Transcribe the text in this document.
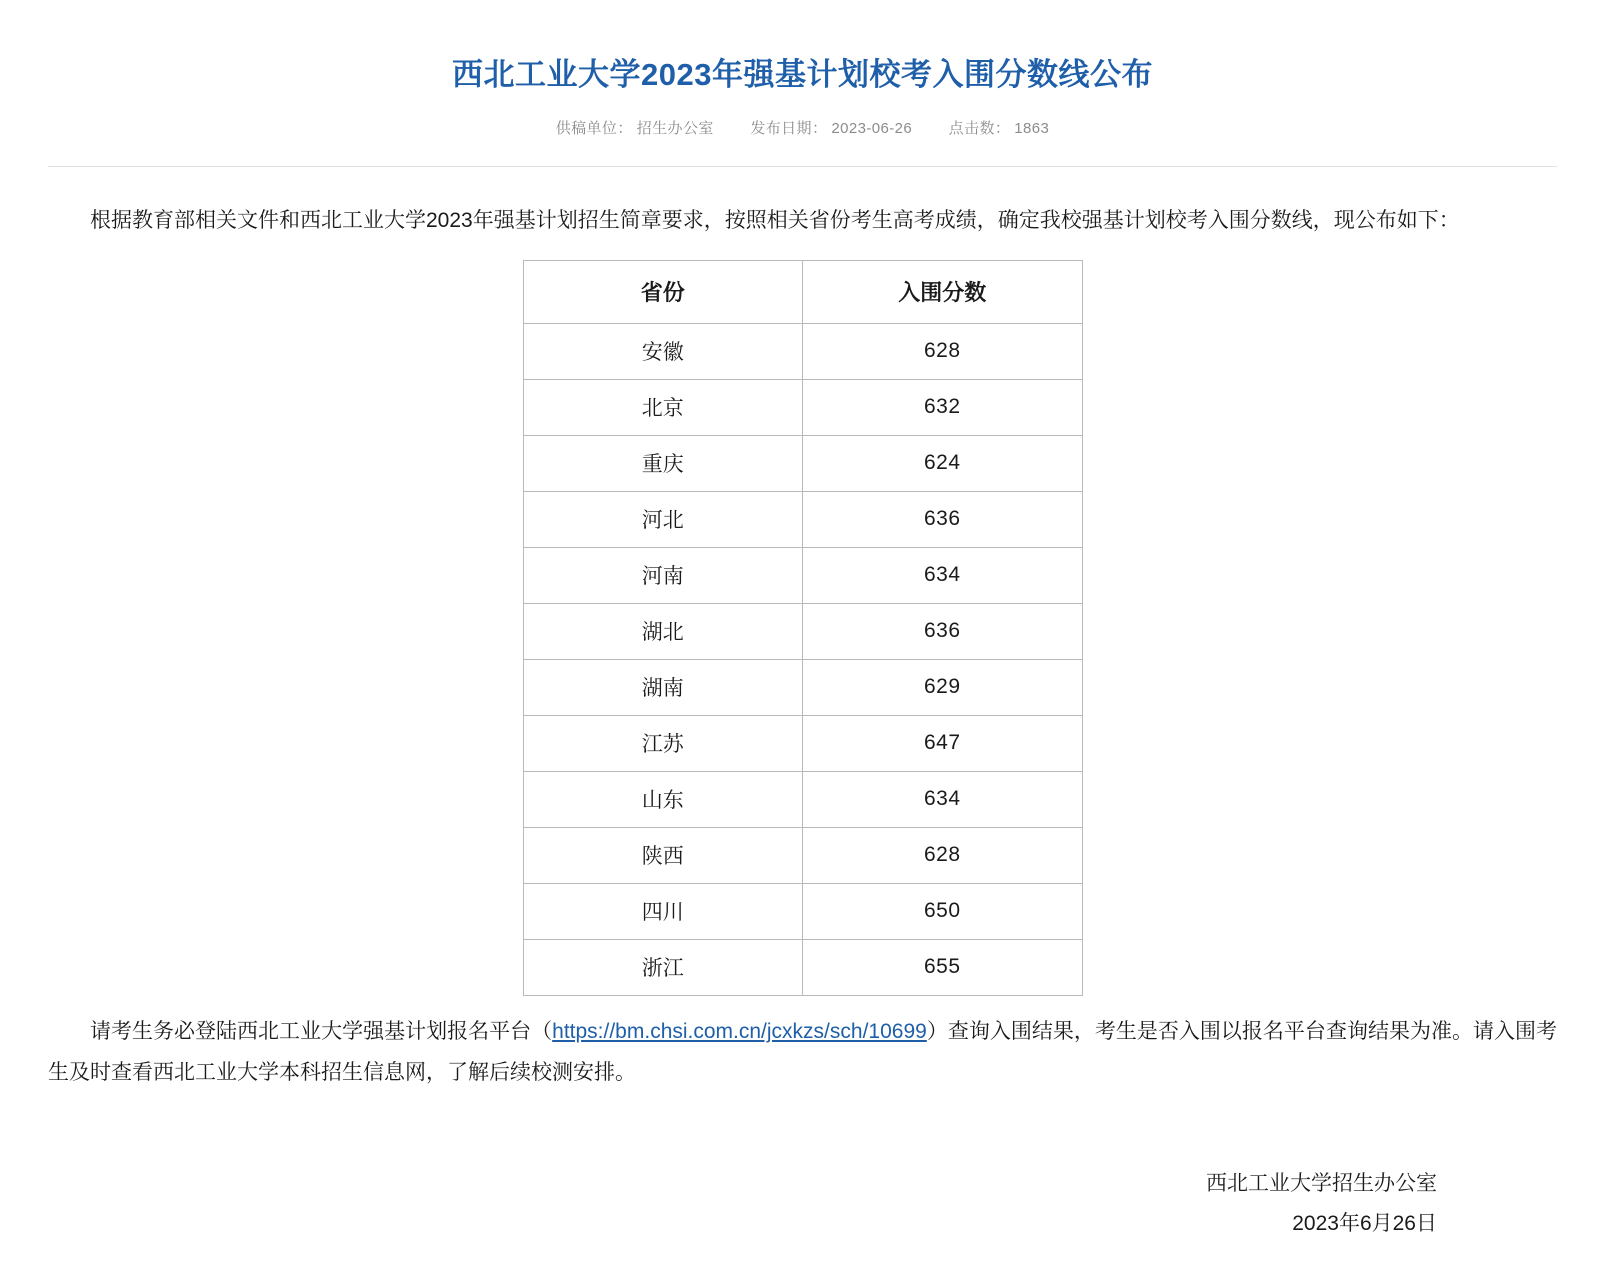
西北工业大学2023年强基计划校考入围分数线公布
供稿单位： 招生办公室 发布日期： 2023-06-26 点击数： 1863

根据教育部相关文件和西北工业大学2023年强基计划招生简章要求，按照相关省份考生高考成绩，确定我校强基计划校考入围分数线，现公布如下：

省份	入围分数
安徽	628
北京	632
重庆	624
河北	636
河南	634
湖北	636
湖南	629
江苏	647
山东	634
陕西	628
四川	650
浙江	655

请考生务必登陆西北工业大学强基计划报名平台（https://bm.chsi.com.cn/jcxkzs/sch/10699）查询入围结果，考生是否入围以报名平台查询结果为准。请入围考生及时查看西北工业大学本科招生信息网，了解后续校测安排。

西北工业大学招生办公室
2023年6月26日
